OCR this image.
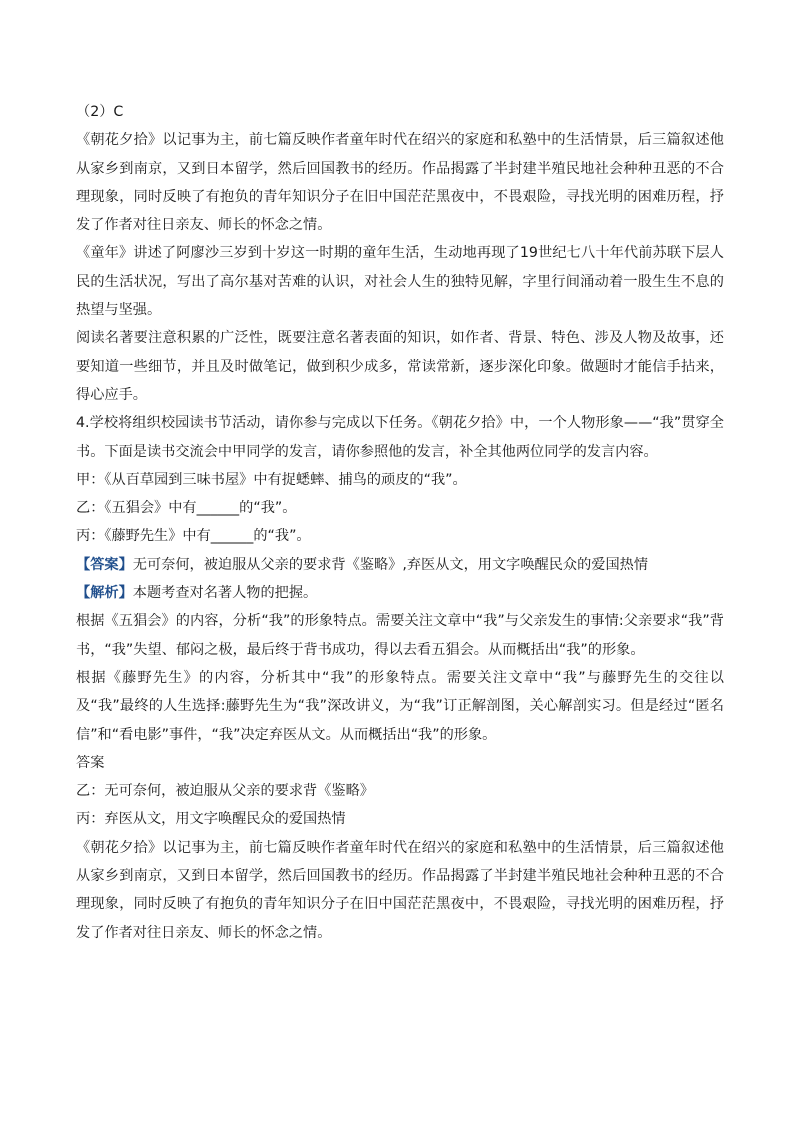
（2）C

《朝花夕拾》以记事为主，前七篇反映作者童年时代在绍兴的家庭和私塾中的生活情景，后三篇叙述他从家乡到南京，又到日本留学，然后回国教书的经历。作品揭露了半封建半殖民地社会种种丑恶的不合理现象，同时反映了有抱负的青年知识分子在旧中国茫茫黑夜中，不畏艰险，寻找光明的困难历程，抒发了作者对往日亲友、师长的怀念之情。

《童年》讲述了阿廖沙三岁到十岁这一时期的童年生活，生动地再现了19世纪七八十年代前苏联下层人民的生活状况，写出了高尔基对苦难的认识，对社会人生的独特见解，字里行间涌动着一股生生不息的热望与坚强。

阅读名著要注意积累的广泛性，既要注意名著表面的知识，如作者、背景、特色、涉及人物及故事，还要知道一些细节，并且及时做笔记，做到积少成多，常读常新，逐步深化印象。做题时才能信手拈来，得心应手。

4.学校将组织校园读书节活动，请你参与完成以下任务。《朝花夕拾》中，一个人物形象——“我”贯穿全书。下面是读书交流会中甲同学的发言，请你参照他的发言，补全其他两位同学的发言内容。

甲：《从百草园到三味书屋》中有捉蟋蟀、捕鸟的顽皮的“我”。

乙：《五猖会》中有______的“我”。

丙：《藤野先生》中有______的“我”。

【答案】无可奈何，被迫服从父亲的要求背《鉴略》,弃医从文，用文字唤醒民众的爱国热情

【解析】本题考查对名著人物的把握。

根据《五猖会》的内容，分析“我”的形象特点。需要关注文章中“我”与父亲发生的事情:父亲要求“我”背书，“我”失望、郁闷之极，最后终于背书成功，得以去看五猖会。从而概括出“我”的形象。

根据《藤野先生》的内容，分析其中“我”的形象特点。需要关注文章中“我”与藤野先生的交往以及“我”最终的人生选择:藤野先生为“我”深改讲义，为“我”订正解剖图，关心解剖实习。但是经过“匿名信”和“看电影”事件，“我”决定弃医从文。从而概括出“我”的形象。

答案

乙：无可奈何，被迫服从父亲的要求背《鉴略》

丙：弃医从文，用文字唤醒民众的爱国热情

《朝花夕拾》以记事为主，前七篇反映作者童年时代在绍兴的家庭和私塾中的生活情景，后三篇叙述他从家乡到南京，又到日本留学，然后回国教书的经历。作品揭露了半封建半殖民地社会种种丑恶的不合理现象，同时反映了有抱负的青年知识分子在旧中国茫茫黑夜中，不畏艰险，寻找光明的困难历程，抒发了作者对往日亲友、师长的怀念之情。
